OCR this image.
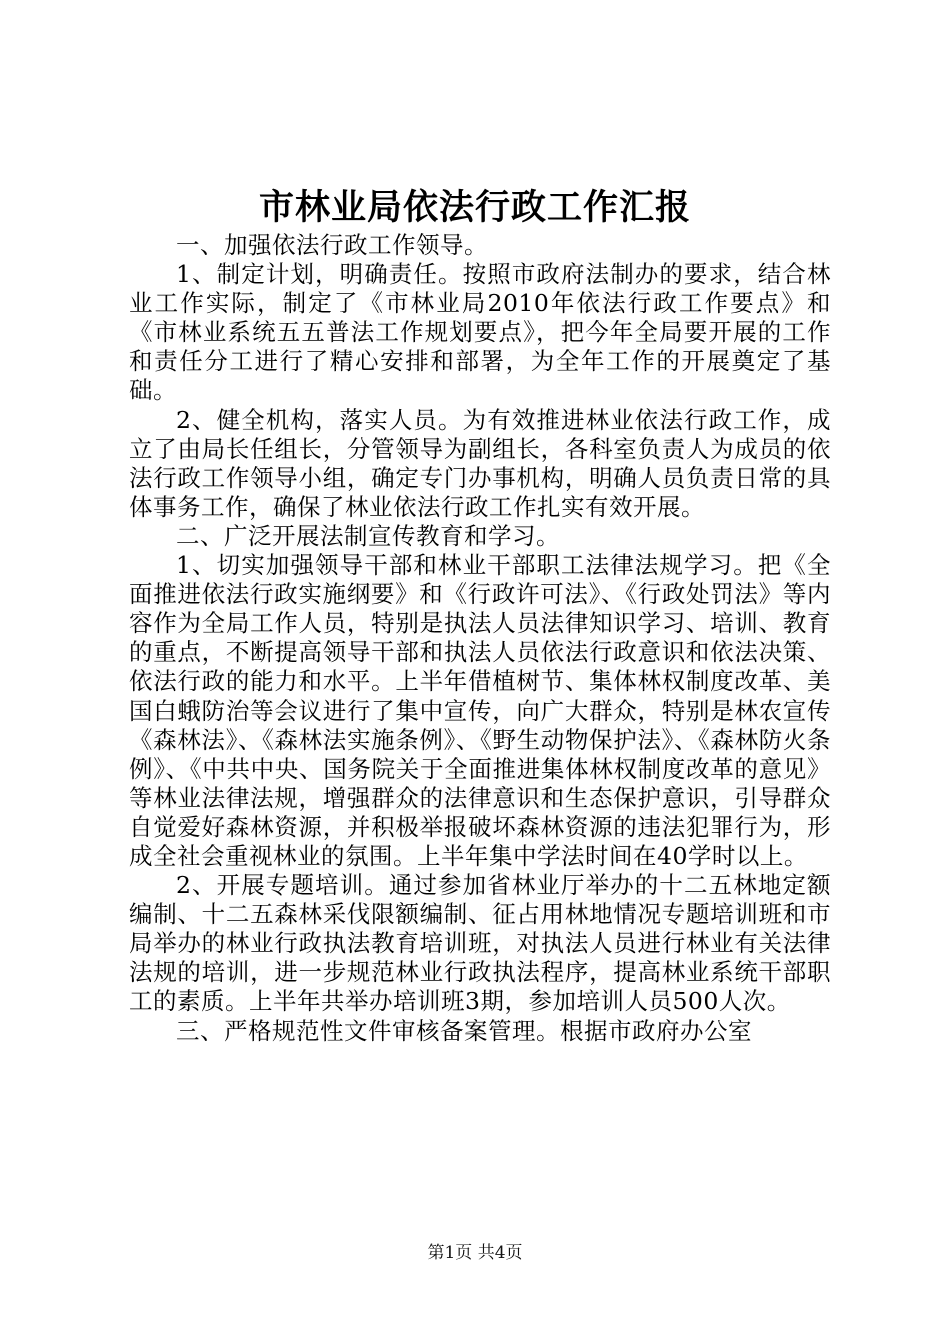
市林业局依法行政工作汇报

一、加强依法行政工作领导。

1、制定计划，明确责任。按照市政府法制办的要求，结合林业工作实际，制定了《市林业局2010年依法行政工作要点》和《市林业系统五五普法工作规划要点》，把今年全局要开展的工作和责任分工进行了精心安排和部署，为全年工作的开展奠定了基础。

2、健全机构，落实人员。为有效推进林业依法行政工作，成立了由局长任组长，分管领导为副组长，各科室负责人为成员的依法行政工作领导小组，确定专门办事机构，明确人员负责日常的具体事务工作，确保了林业依法行政工作扎实有效开展。

二、广泛开展法制宣传教育和学习。

1、切实加强领导干部和林业干部职工法律法规学习。把《全面推进依法行政实施纲要》和《行政许可法》、《行政处罚法》等内容作为全局工作人员，特别是执法人员法律知识学习、培训、教育的重点，不断提高领导干部和执法人员依法行政意识和依法决策、依法行政的能力和水平。上半年借植树节、集体林权制度改革、美国白蛾防治等会议进行了集中宣传，向广大群众，特别是林农宣传《森林法》、《森林法实施条例》、《野生动物保护法》、《森林防火条例》、《中共中央、国务院关于全面推进集体林权制度改革的意见》等林业法律法规，增强群众的法律意识和生态保护意识，引导群众自觉爱好森林资源，并积极举报破坏森林资源的违法犯罪行为，形成全社会重视林业的氛围。上半年集中学法时间在40学时以上。

2、开展专题培训。通过参加省林业厅举办的十二五林地定额编制、十二五森林采伐限额编制、征占用林地情况专题培训班和市局举办的林业行政执法教育培训班，对执法人员进行林业有关法律法规的培训，进一步规范林业行政执法程序，提高林业系统干部职工的素质。上半年共举办培训班3期，参加培训人员500人次。

三、严格规范性文件审核备案管理。根据市政府办公室

第1页 共4页
